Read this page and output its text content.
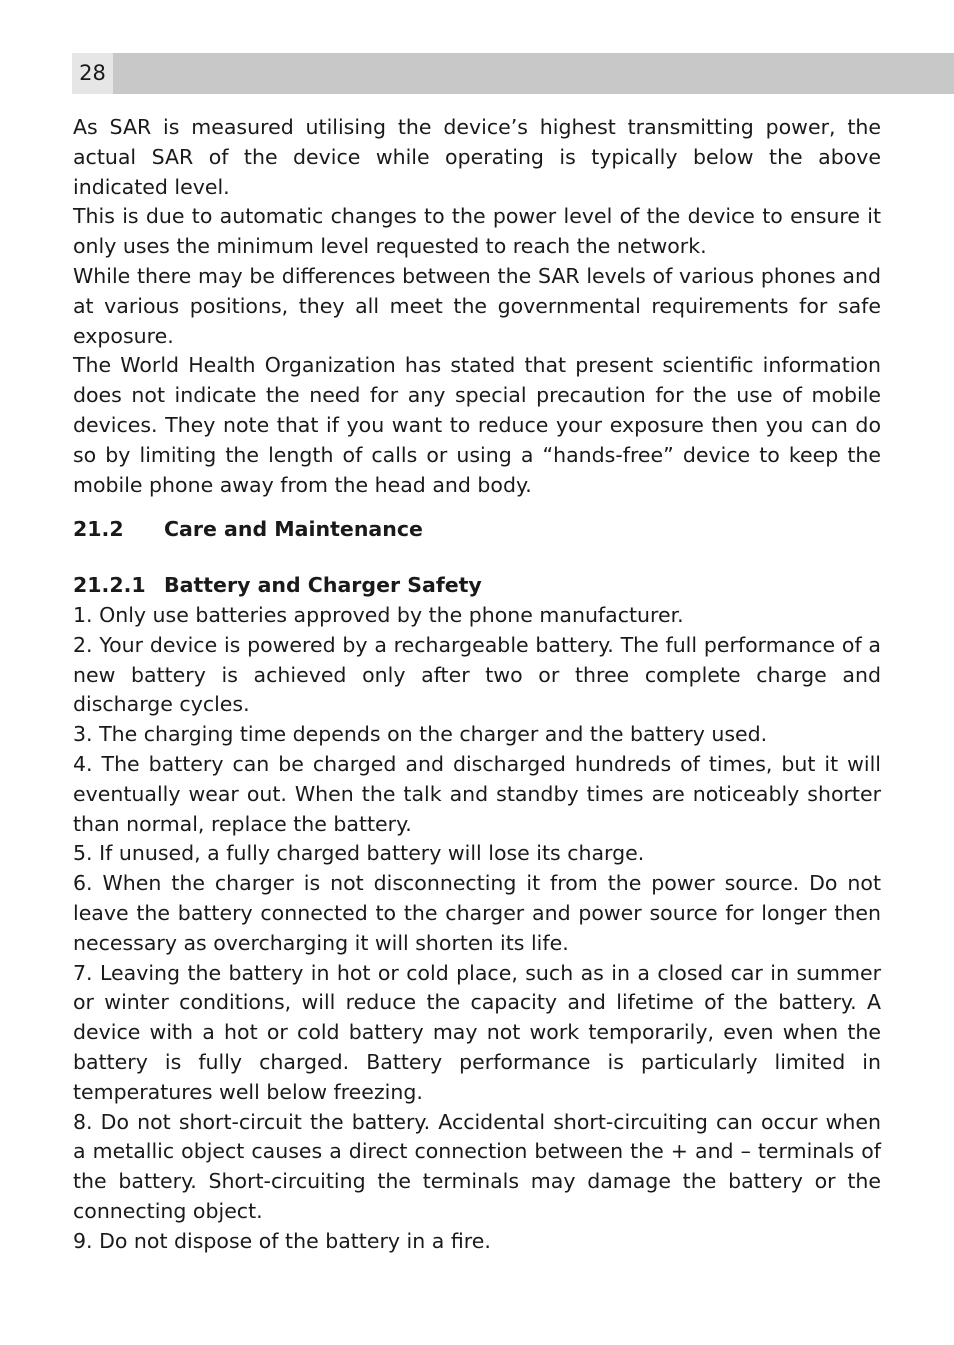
28

As SAR is measured utilising the device’s highest transmitting power, the actual SAR of the device while operating is typically below the above indicated level.

This is due to automatic changes to the power level of the device to ensure it only uses the minimum level requested to reach the network.

While there may be differences between the SAR levels of various phones and at various positions, they all meet the governmental requirements for safe exposure.

The World Health Organization has stated that present scientific information does not indicate the need for any special precaution for the use of mobile devices. They note that if you want to reduce your exposure then you can do so by limiting the length of calls or using a “hands-free” device to keep the mobile phone away from the head and body.

21.2	Care and Maintenance
21.2.1 Battery and Charger Safety

1. Only use batteries approved by the phone manufacturer.

2. Your device is powered by a rechargeable battery. The full performance of a new battery is achieved only after two or three complete charge and discharge cycles.

3. The charging time depends on the charger and the battery used.

4. The battery can be charged and discharged hundreds of times, but it will eventually wear out. When the talk and standby times are noticeably shorter than normal, replace the battery.

5. If unused, a fully charged battery will lose its charge.

6. When the charger is not disconnecting it from the power source. Do not leave the battery connected to the charger and power source for longer then necessary as overcharging it will shorten its life.

7. Leaving the battery in hot or cold place, such as in a closed car in summer or winter conditions, will reduce the capacity and lifetime of the battery. A device with a hot or cold battery may not work temporarily, even when the battery is fully charged. Battery performance is particularly limited in temperatures well below freezing.

8. Do not short-circuit the battery. Accidental short-circuiting can occur when a metallic object causes a direct connection between the + and – terminals of the battery. Short-circuiting the terminals may damage the battery or the connecting object.

9. Do not dispose of the battery in a fire.
